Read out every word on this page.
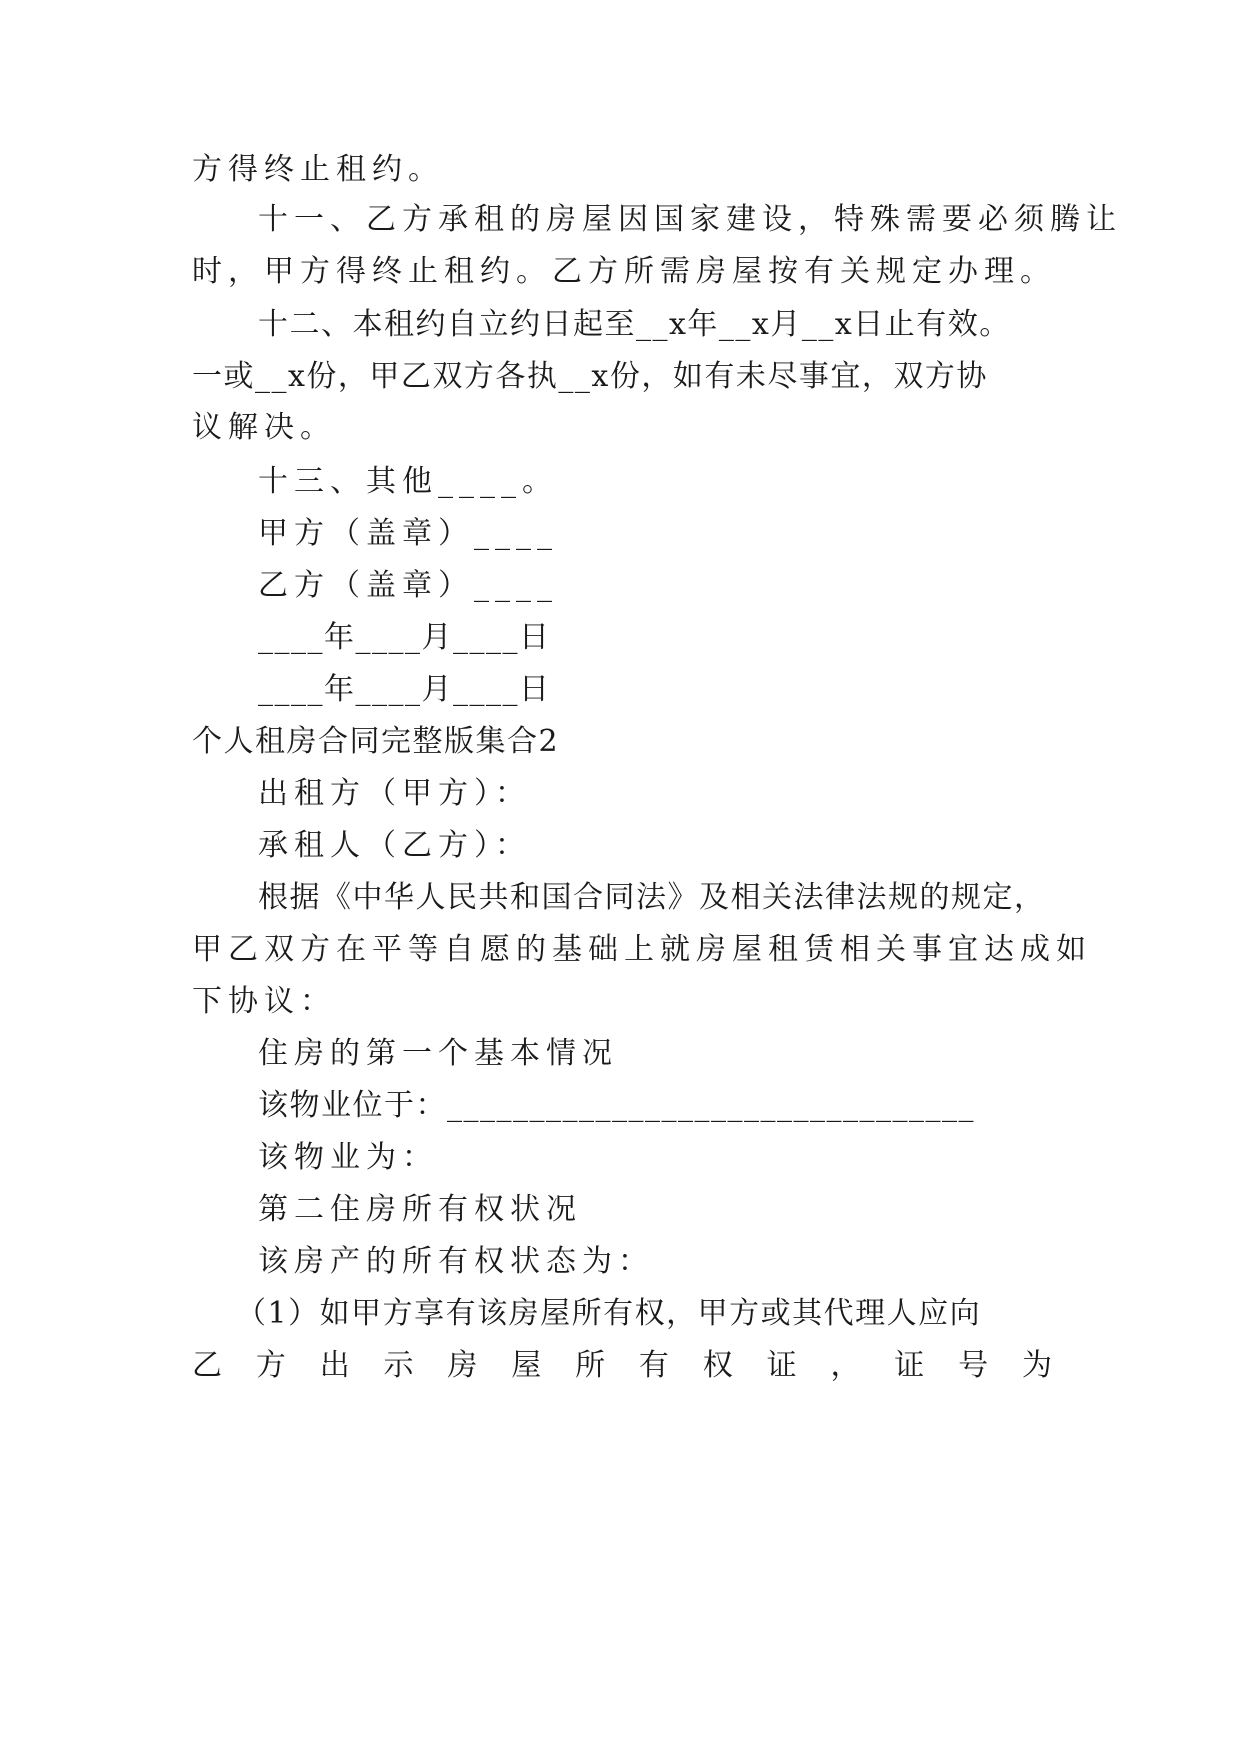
方得终止租约。
十一、乙方承租的房屋因国家建设，特殊需要必须腾让
时，甲方得终止租约。乙方所需房屋按有关规定办理。
十二、本租约自立约日起至__x年__x月__x日止有效。
一或__x份，甲乙双方各执__x份，如有未尽事宜，双方协
议解决。
十三、其他____。
甲方（盖章）____
乙方（盖章）____
____年____月____日
____年____月____日
个人租房合同完整版集合2
出租方（甲方）：
承租人（乙方）：
根据《中华人民共和国合同法》及相关法律法规的规定，
甲乙双方在平等自愿的基础上就房屋租赁相关事宜达成如
下协议：
住房的第一个基本情况
该物业位于：________________________________
该物业为：
第二住房所有权状况
该房产的所有权状态为：
（1）如甲方享有该房屋所有权，甲方或其代理人应向
乙 方 出 示 房 屋 所 有 权 证 ， 证 号 为
